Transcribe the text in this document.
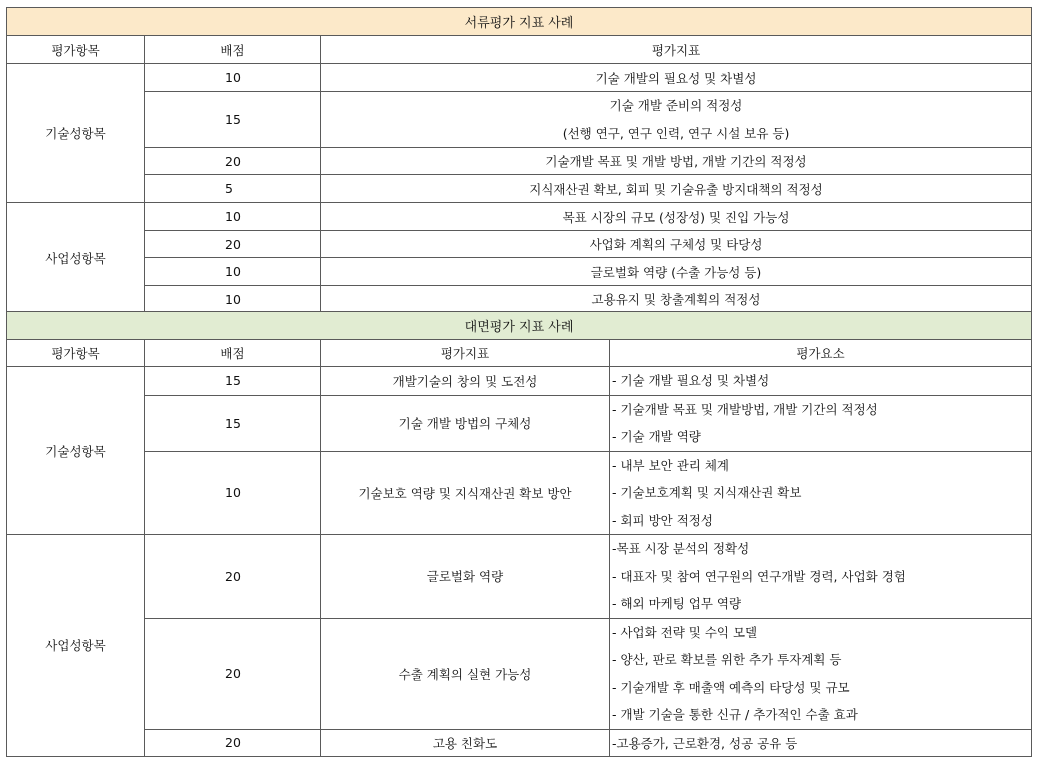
서류평가 지표 사례		
평가항목	배점	평가지표
기술성항목	10	기술 개발의 필요성 및 차별성
	15	기술 개발 준비의 적정성
(선행 연구, 연구 인력, 연구 시설 보유 등)

	20	기술개발 목표 및 개발 방법, 개발 기간의 적정성
	5	지식재산권 확보, 회피 및 기술유출 방지대책의 적정성
사업성항목	10	목표 시장의 규모 (성장성) 및 진입 가능성
	20	사업화 계획의 구체성 및 타당성
	10	글로벌화 역량 (수출 가능성 등)
	10	고용유지 및 창출계획의 적정성
대면평가 지표 사례			
평가항목	배점	평가지표	평가요소
기술성항목	15	개발기술의 창의 및 도전성	- 기술 개발 필요성 및 차별성

	15	기술 개발 방법의 구체성	- 기술개발 목표 및 개발방법, 개발 기간의 적정성
- 기술 개발 역량

	10	기술보호 역량 및 지식재산권 확보 방안	- 내부 보안 관리 체계
- 기술보호계획 및 지식재산권 확보
- 회피 방안 적정성

사업성항목	20	글로벌화 역량	-목표 시장 분석의 정확성
- 대표자 및 참여 연구원의 연구개발 경력, 사업화 경험
- 해외 마케팅 업무 역량

	20	수출 계획의 실현 가능성	- 사업화 전략 및 수익 모델
- 양산, 판로 확보를 위한 추가 투자계획 등
- 기술개발 후 매출액 예측의 타당성 및 규모
- 개발 기술을 통한 신규 / 추가적인 수출 효과

	20	고용 친화도	-고용증가, 근로환경, 성공 공유 등
